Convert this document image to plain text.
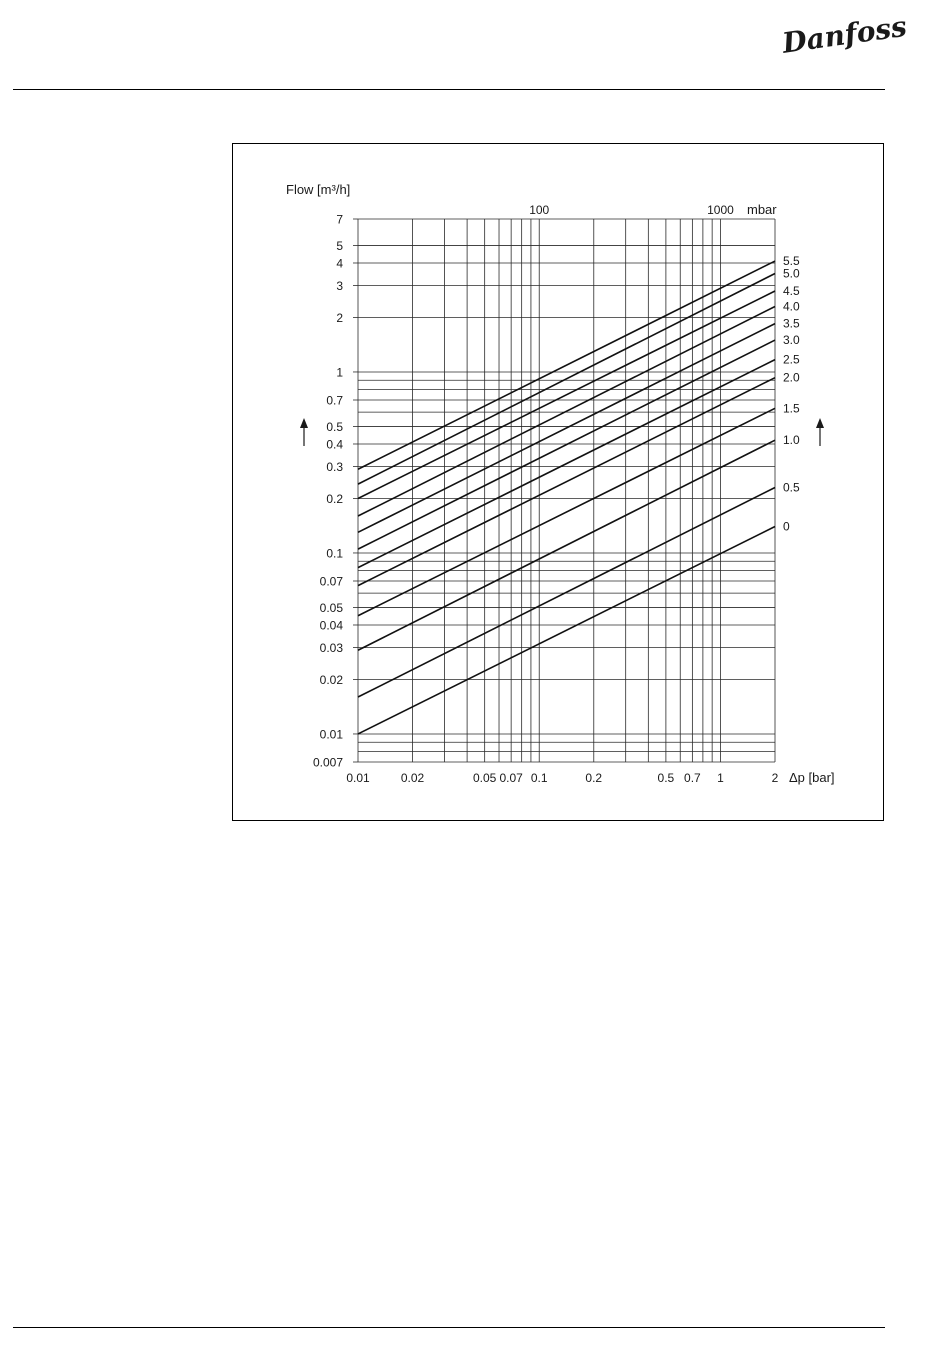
Danfoss
Flow [m³/h]
Δp [bar]
mbar
0.007
0.01
0.02
0.03
0.04
0.05
0.07
0.1
0.2
0.3
0.4
0.5
0.7
1
2
3
4
5
7
0.01	0.02	0.05 0.07 0.1	0.2	0.5 0.7 1	2
100	1000
5.5
5.0
4.5
4.0
3.5
3.0
2.5
2.0
1.5
1.0
0.5
0
